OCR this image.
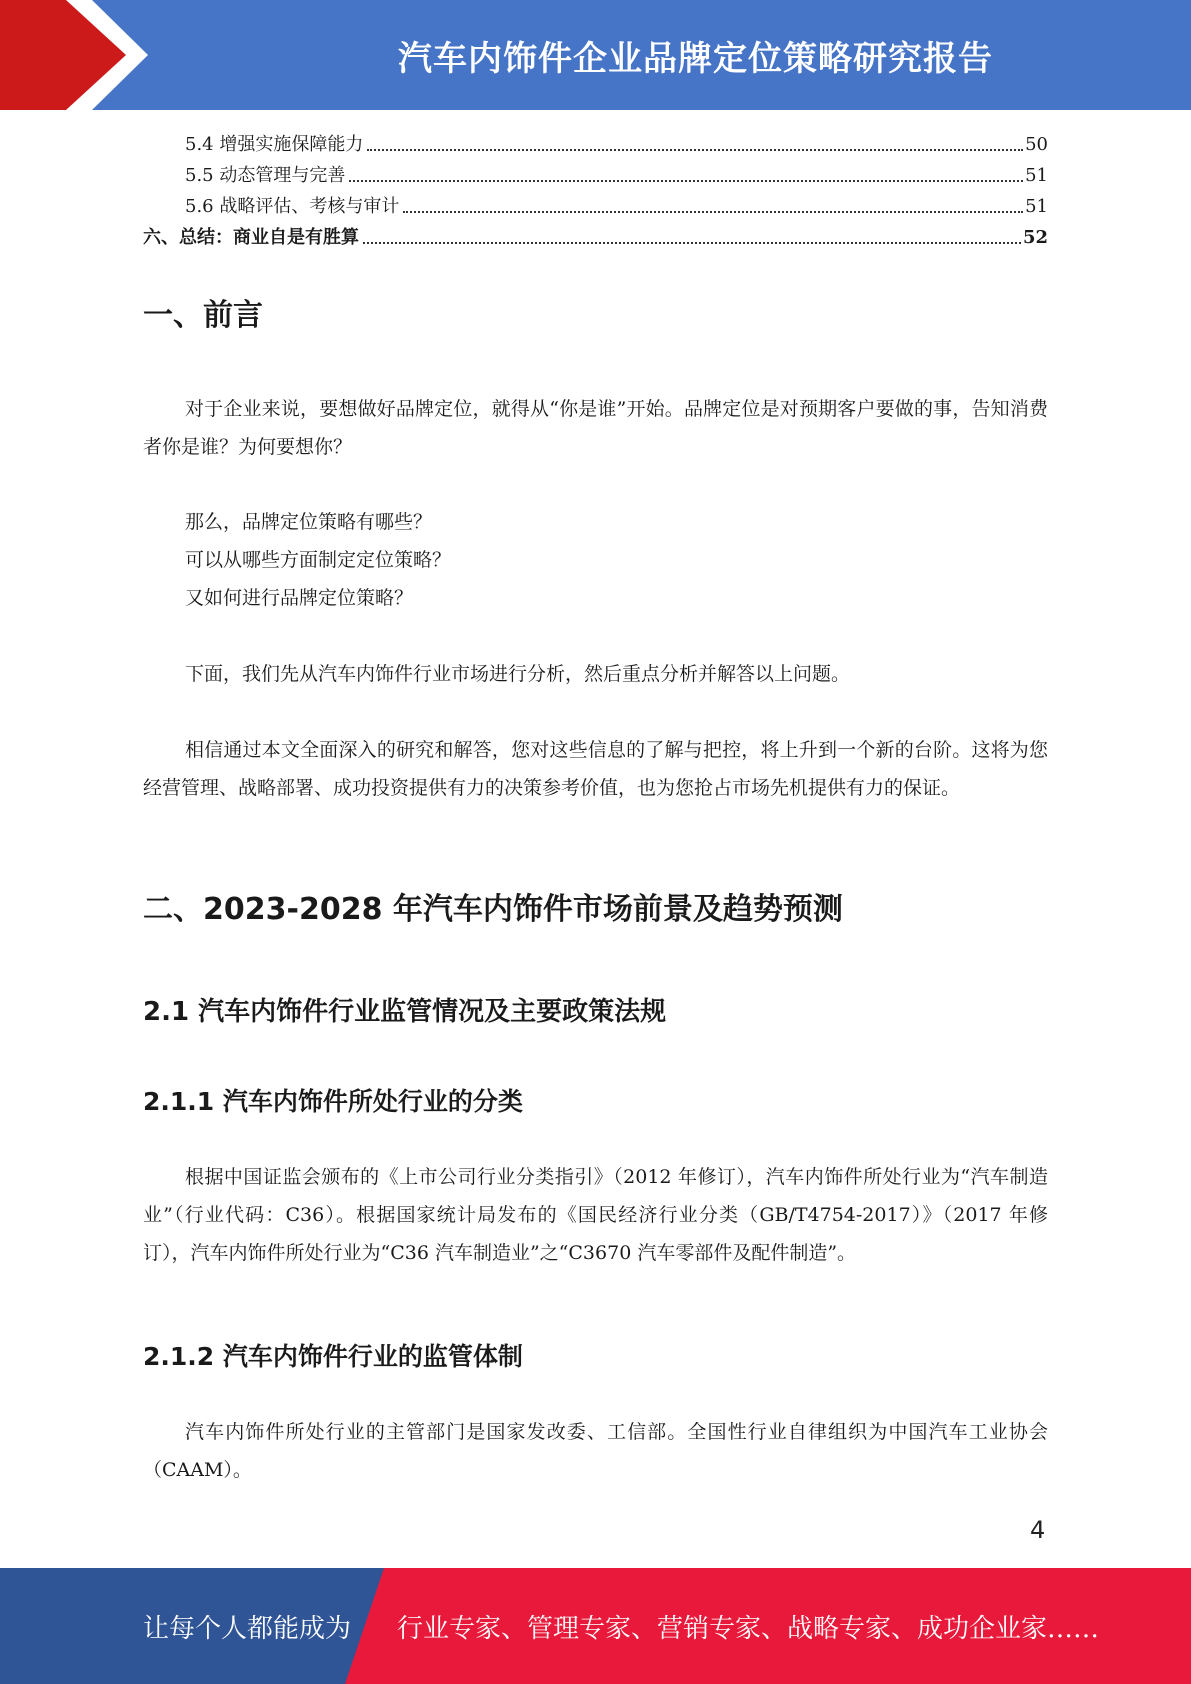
汽车内饰件企业品牌定位策略研究报告
5.4 增强实施保障能力	50
5.5 动态管理与完善	51
5.6 战略评估、考核与审计	51
六、总结：商业自是有胜算	52
一、前言

对于企业来说，要想做好品牌定位，就得从“你是谁”开始。品牌定位是对预期客户要做的事，告知消费者你是谁？为何要想你？

那么，品牌定位策略有哪些？
可以从哪些方面制定定位策略？
又如何进行品牌定位策略？

下面，我们先从汽车内饰件行业市场进行分析，然后重点分析并解答以上问题。

相信通过本文全面深入的研究和解答，您对这些信息的了解与把控，将上升到一个新的台阶。这将为您经营管理、战略部署、成功投资提供有力的决策参考价值，也为您抢占市场先机提供有力的保证。

二、2023-2028 年汽车内饰件市场前景及趋势预测
2.1 汽车内饰件行业监管情况及主要政策法规
2.1.1 汽车内饰件所处行业的分类

根据中国证监会颁布的《上市公司行业分类指引》（2012 年修订），汽车内饰件所处行业为“汽车制造业”（行业代码：C36）。根据国家统计局发布的《国民经济行业分类（GB/T4754-2017）》（2017 年修订），汽车内饰件所处行业为“C36 汽车制造业”之“C3670 汽车零部件及配件制造”。

2.1.2 汽车内饰件行业的监管体制

汽车内饰件所处行业的主管部门是国家发改委、工信部。全国性行业自律组织为中国汽车工业协会（CAAM）。

4
让每个人都能成为 行业专家、管理专家、营销专家、战略专家、成功企业家……
